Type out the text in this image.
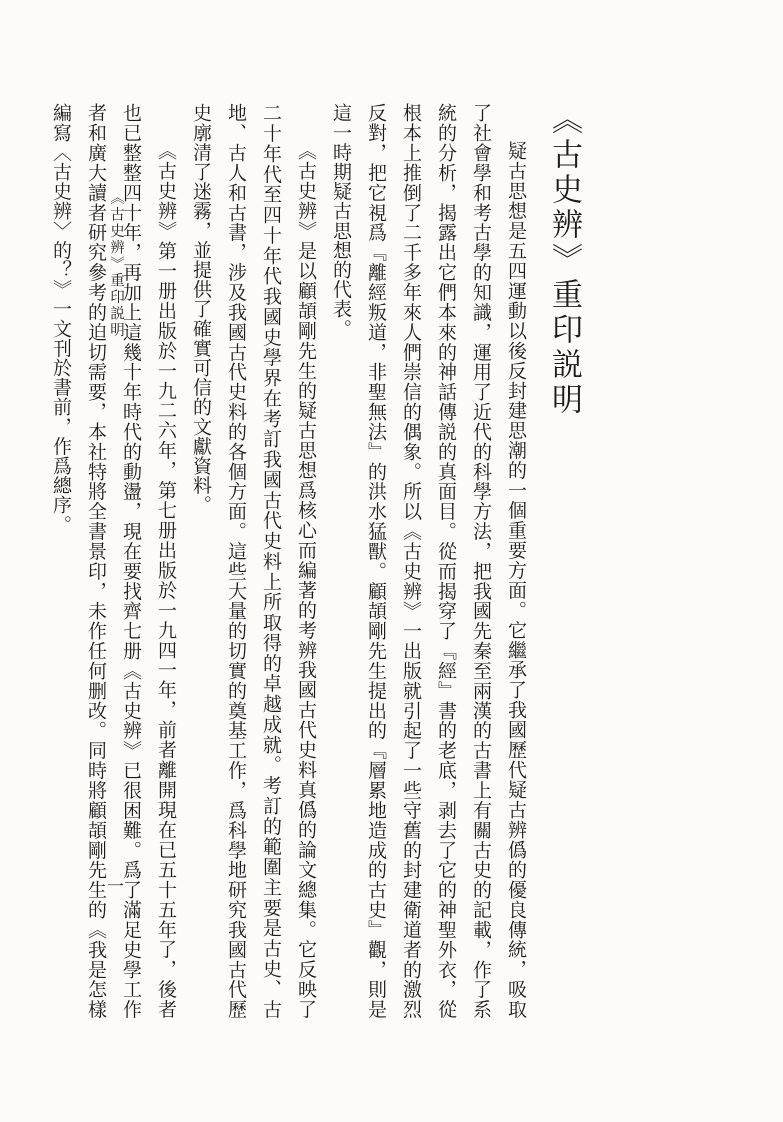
《古史辨》重印説明

疑古思想是五四運動以後反封建思潮的一個重要方面。它繼承了我國歷代疑古辨僞的優良傳統，吸取了社會學和考古學的知識，運用了近代的科學方法，把我國先秦至兩漢的古書上有關古史的記載，作了系統的分析，揭露出它們本來的神話傳説的真面目。從而揭穿了『經』書的老底，剥去了它的神聖外衣，從根本上推倒了二千多年來人們崇信的偶象。所以《古史辨》一出版就引起了一些守舊的封建衛道者的激烈反對，把它視爲『離經叛道，非聖無法』的洪水猛獸。顧頡剛先生提出的『層累地造成的古史』觀，則是這一時期疑古思想的代表。

《古史辨》是以顧頡剛先生的疑古思想爲核心而編著的考辨我國古代史料真僞的論文總集。它反映了二十年代至四十年代我國史學界在考訂我國古代史料上所取得的卓越成就。考訂的範圍主要是古史、古地、古人和古書，涉及我國古代史料的各個方面。這些大量的切實的奠基工作，爲科學地研究我國古代歷史廓清了迷霧，並提供了確實可信的文獻資料。

《古史辨》第一册出版於一九二六年，第七册出版於一九四一年，前者離開現在已五十五年了，後者也已整整四十年，再加上這幾十年時代的動盪，現在要找齊七册《古史辨》已很困難。爲了滿足史學工作者和廣大讀者研究參考的迫切需要，本社特將全書景印，未作任何删改。同時將顧頡剛先生的《我是怎樣編寫〈古史辨〉的？》一文刊於書前，作爲總序。	《古史辨》重印説明
一
